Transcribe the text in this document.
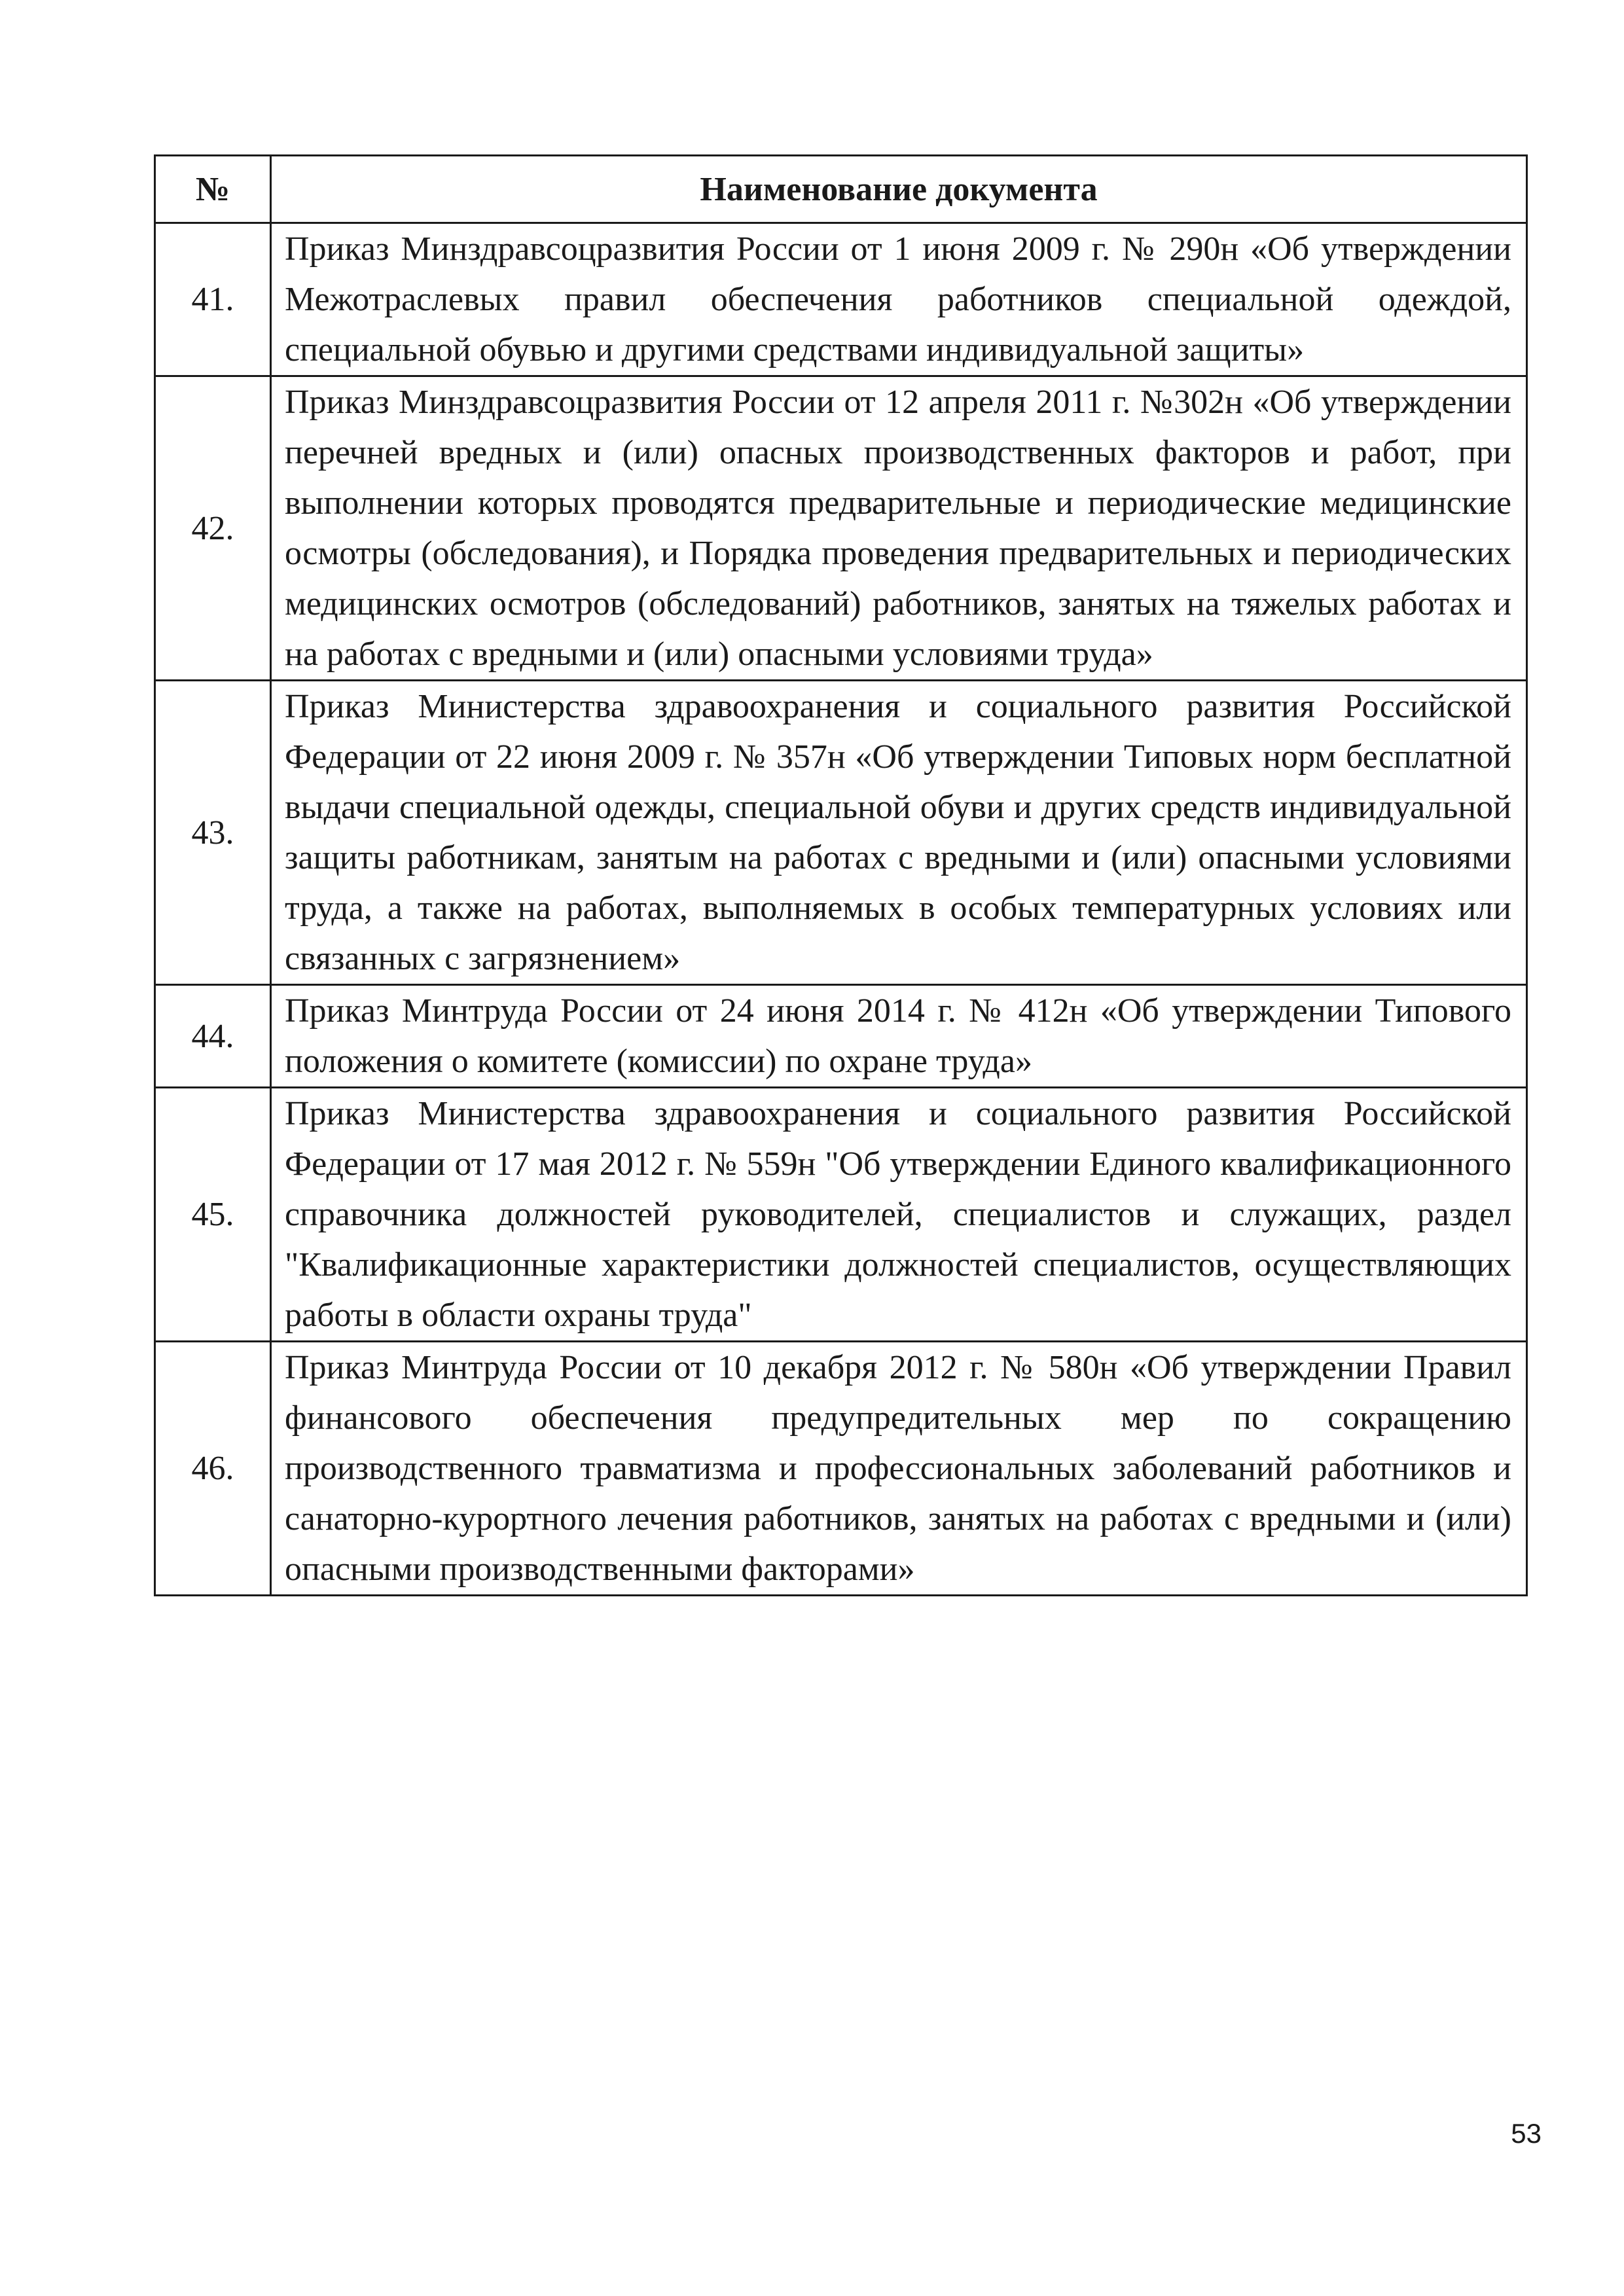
№	Наименование документа
41.	Приказ Минздравсоцразвития России от 1 июня 2009 г. № 290н «Об утверждении Межотраслевых правил обеспечения работников специальной одеждой, специальной обувью и другими средствами индивидуальной защиты»
42.	Приказ Минздравсоцразвития России от 12 апреля 2011 г. №302н «Об утверждении перечней вредных и (или) опасных производственных факторов и работ, при выполнении которых проводятся предварительные и периодические медицинские осмотры (обследования), и Порядка проведения предварительных и периодических медицинских осмотров (обследований) работников, занятых на тяжелых работах и на работах с вредными и (или) опасными условиями труда»
43.	Приказ Министерства здравоохранения и социального развития Российской Федерации от 22 июня 2009 г. № 357н «Об утверждении Типовых норм бесплатной выдачи специальной одежды, специальной обуви и других средств индивидуальной защиты работникам, занятым на работах с вредными и (или) опасными условиями труда, а также на работах, выполняемых в особых температурных условиях или связанных с загрязнением»
44.	Приказ Минтруда России от 24 июня 2014 г. № 412н «Об утверждении Типового положения о комитете (комиссии) по охране труда»
45.	Приказ Министерства здравоохранения и социального развития Российской Федерации от 17 мая 2012 г. № 559н "Об утверждении Единого квалификационного справочника должностей руководителей, специалистов и служащих, раздел "Квалификационные характеристики должностей специалистов, осуществляющих работы в области охраны труда"
46.	Приказ Минтруда России от 10 декабря 2012 г. № 580н «Об утверждении Правил финансового обеспечения предупредительных мер по сокращению производственного травматизма и профессиональных заболеваний работников и санаторно-курортного лечения работников, занятых на работах с вредными и (или) опасными производственными факторами»
53
